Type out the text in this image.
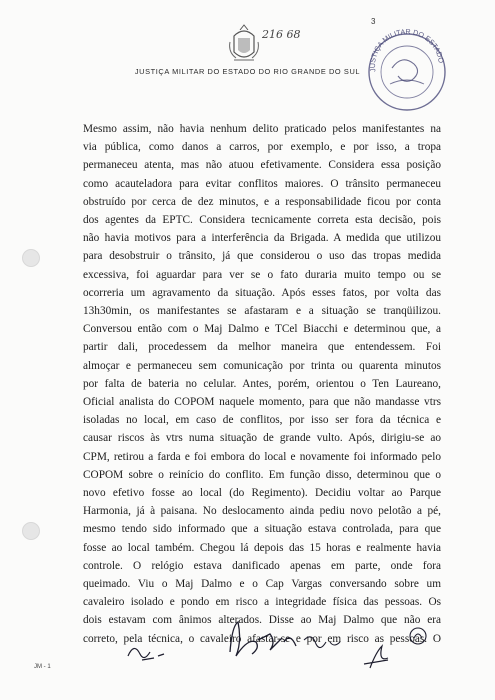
216 68
3
JUSTIÇA MILITAR DO ESTADO DO RIO GRANDE DO SUL	JUSTIÇA MILITAR DO ESTADO
Mesmo assim, não havia nenhum delito praticado pelos manifestantes na
via pública, como danos a carros, por exemplo, e por isso, a tropa
permaneceu atenta, mas não atuou efetivamente. Considera essa posição
como acauteladora para evitar conflitos maiores. O trânsito permaneceu
obstruído por cerca de dez minutos, e a responsabilidade ficou por conta
dos agentes da EPTC. Considera tecnicamente correta esta decisão, pois
não havia motivos para a interferência da Brigada. A medida que utilizou
para desobstruir o trânsito, já que considerou o uso das tropas medida
excessiva, foi aguardar para ver se o fato duraria muito tempo ou se
ocorreria um agravamento da situação. Após esses fatos, por volta das
13h30min, os manifestantes se afastaram e a situação se tranqüilizou.
Conversou então com o Maj Dalmo e TCel Biacchi e determinou que, a
partir dali, procedessem da melhor maneira que entendessem. Foi
almoçar e permaneceu sem comunicação por trinta ou quarenta minutos
por falta de bateria no celular. Antes, porém, orientou o Ten Laureano,
Oficial analista do COPOM naquele momento, para que não mandasse vtrs
isoladas no local, em caso de conflitos, por isso ser fora da técnica e
causar riscos às vtrs numa situação de grande vulto. Após, dirigiu-se ao
CPM, retirou a farda e foi embora do local e novamente foi informado pelo
COPOM sobre o reinício do conflito. Em função disso, determinou que o
novo efetivo fosse ao local (do Regimento). Decidiu voltar ao Parque
Harmonia, já à paisana. No deslocamento ainda pediu novo pelotão a pé,
mesmo tendo sido informado que a situação estava controlada, para que
fosse ao local também. Chegou lá depois das 15 horas e realmente havia
controle. O relógio estava danificado apenas em parte, onde fora
queimado. Viu o Maj Dalmo e o Cap Vargas conversando sobre um
cavaleiro isolado e pondo em risco a integridade física das pessoas. Os
dois estavam com ânimos alterados. Disse ao Maj Dalmo que não era
correto, pela técnica, o cavaleiro afastar-se e por em risco as pessoas. O
JM - 1
